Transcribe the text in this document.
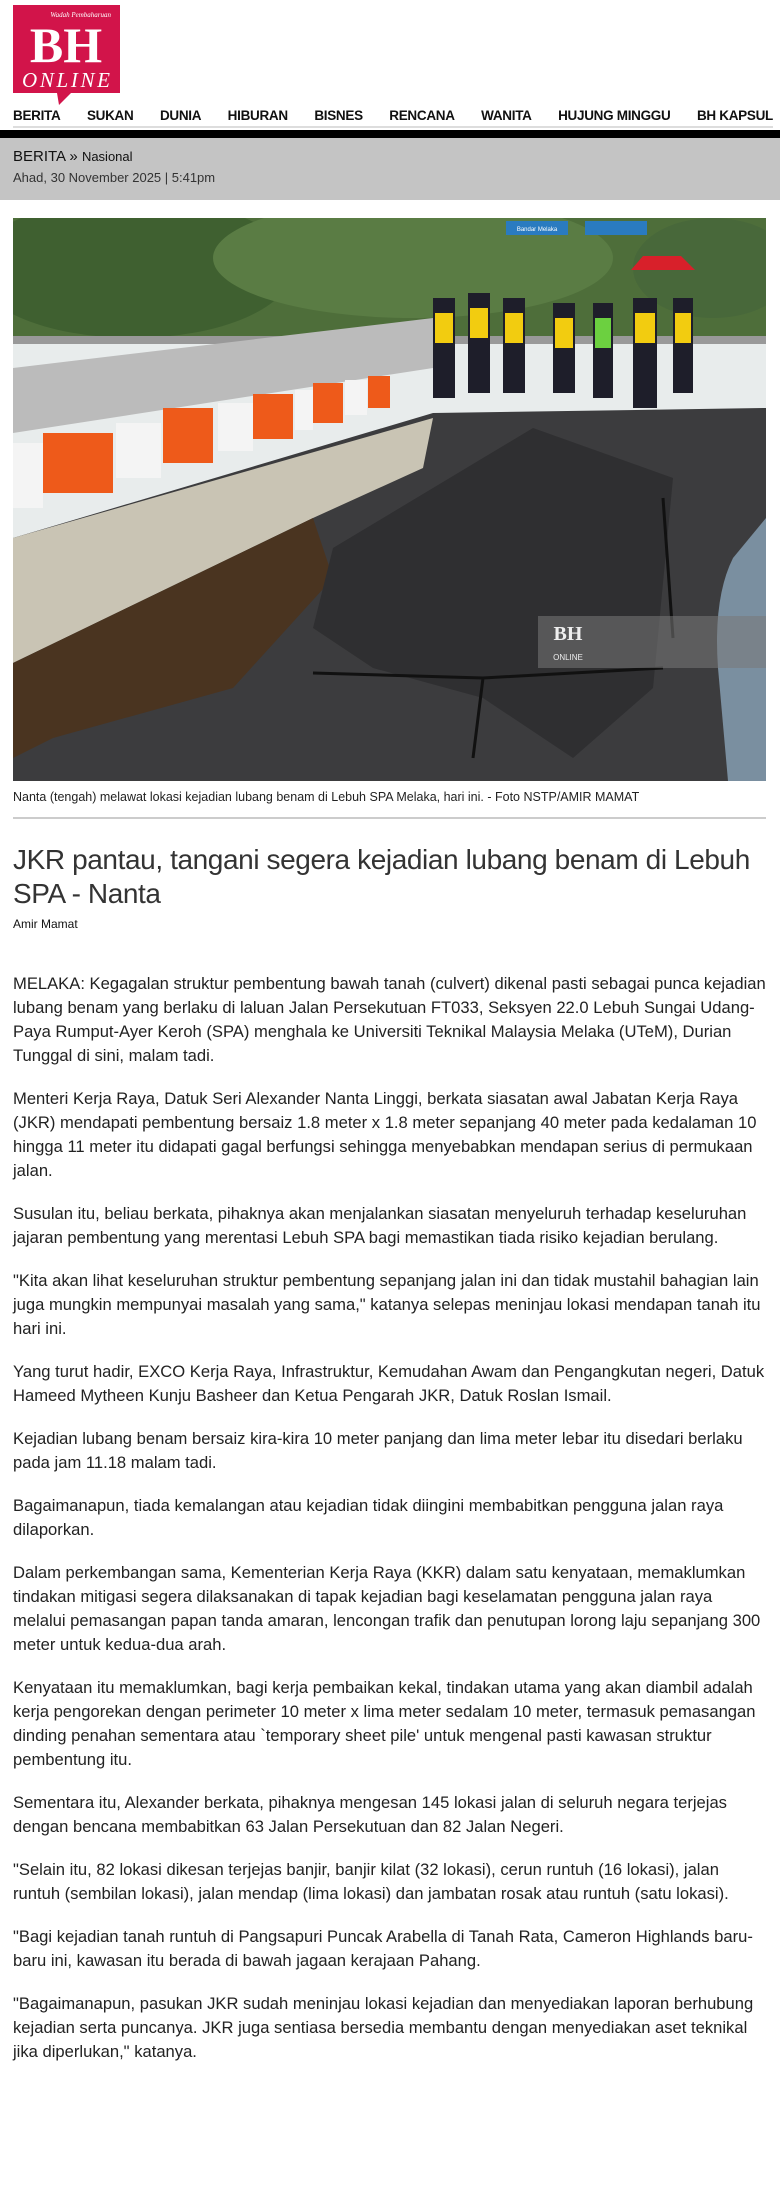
Wadah Pembaharuan
BH
ONLINE
BERITA SUKAN DUNIA HIBURAN BISNES RENCANA WANITA HUJUNG MINGGU BH KAPSUL
BERITA » Nasional
Ahad, 30 November 2025 | 5:41pm
Bandar Melaka
BH
ONLINE
Nanta (tengah) melawat lokasi kejadian lubang benam di Lebuh SPA Melaka, hari ini. - Foto NSTP/AMIR MAMAT
JKR pantau, tangani segera kejadian lubang benam di Lebuh SPA - Nanta
Amir Mamat

MELAKA: Kegagalan struktur pembentung bawah tanah (culvert) dikenal pasti sebagai punca kejadian lubang benam yang berlaku di laluan Jalan Persekutuan FT033, Seksyen 22.0 Lebuh Sungai Udang-Paya Rumput-Ayer Keroh (SPA) menghala ke Universiti Teknikal Malaysia Melaka (UTeM), Durian Tunggal di sini, malam tadi.

Menteri Kerja Raya, Datuk Seri Alexander Nanta Linggi, berkata siasatan awal Jabatan Kerja Raya (JKR) mendapati pembentung bersaiz 1.8 meter x 1.8 meter sepanjang 40 meter pada kedalaman 10 hingga 11 meter itu didapati gagal berfungsi sehingga menyebabkan mendapan serius di permukaan jalan.

Susulan itu, beliau berkata, pihaknya akan menjalankan siasatan menyeluruh terhadap keseluruhan jajaran pembentung yang merentasi Lebuh SPA bagi memastikan tiada risiko kejadian berulang.

"Kita akan lihat keseluruhan struktur pembentung sepanjang jalan ini dan tidak mustahil bahagian lain juga mungkin mempunyai masalah yang sama," katanya selepas meninjau lokasi mendapan tanah itu hari ini.

Yang turut hadir, EXCO Kerja Raya, Infrastruktur, Kemudahan Awam dan Pengangkutan negeri, Datuk Hameed Mytheen Kunju Basheer dan Ketua Pengarah JKR, Datuk Roslan Ismail.

Kejadian lubang benam bersaiz kira-kira 10 meter panjang dan lima meter lebar itu disedari berlaku pada jam 11.18 malam tadi.

Bagaimanapun, tiada kemalangan atau kejadian tidak diingini membabitkan pengguna jalan raya dilaporkan.

Dalam perkembangan sama, Kementerian Kerja Raya (KKR) dalam satu kenyataan, memaklumkan tindakan mitigasi segera dilaksanakan di tapak kejadian bagi keselamatan pengguna jalan raya melalui pemasangan papan tanda amaran, lencongan trafik dan penutupan lorong laju sepanjang 300 meter untuk kedua-dua arah.

Kenyataan itu memaklumkan, bagi kerja pembaikan kekal, tindakan utama yang akan diambil adalah kerja pengorekan dengan perimeter 10 meter x lima meter sedalam 10 meter, termasuk pemasangan dinding penahan sementara atau `temporary sheet pile' untuk mengenal pasti kawasan struktur pembentung itu.

Sementara itu, Alexander berkata, pihaknya mengesan 145 lokasi jalan di seluruh negara terjejas dengan bencana membabitkan 63 Jalan Persekutuan dan 82 Jalan Negeri.

"Selain itu, 82 lokasi dikesan terjejas banjir, banjir kilat (32 lokasi), cerun runtuh (16 lokasi), jalan runtuh (sembilan lokasi), jalan mendap (lima lokasi) dan jambatan rosak atau runtuh (satu lokasi).

"Bagi kejadian tanah runtuh di Pangsapuri Puncak Arabella di Tanah Rata, Cameron Highlands baru-baru ini, kawasan itu berada di bawah jagaan kerajaan Pahang.

"Bagaimanapun, pasukan JKR sudah meninjau lokasi kejadian dan menyediakan laporan berhubung kejadian serta puncanya. JKR juga sentiasa bersedia membantu dengan menyediakan aset teknikal jika diperlukan," katanya.
